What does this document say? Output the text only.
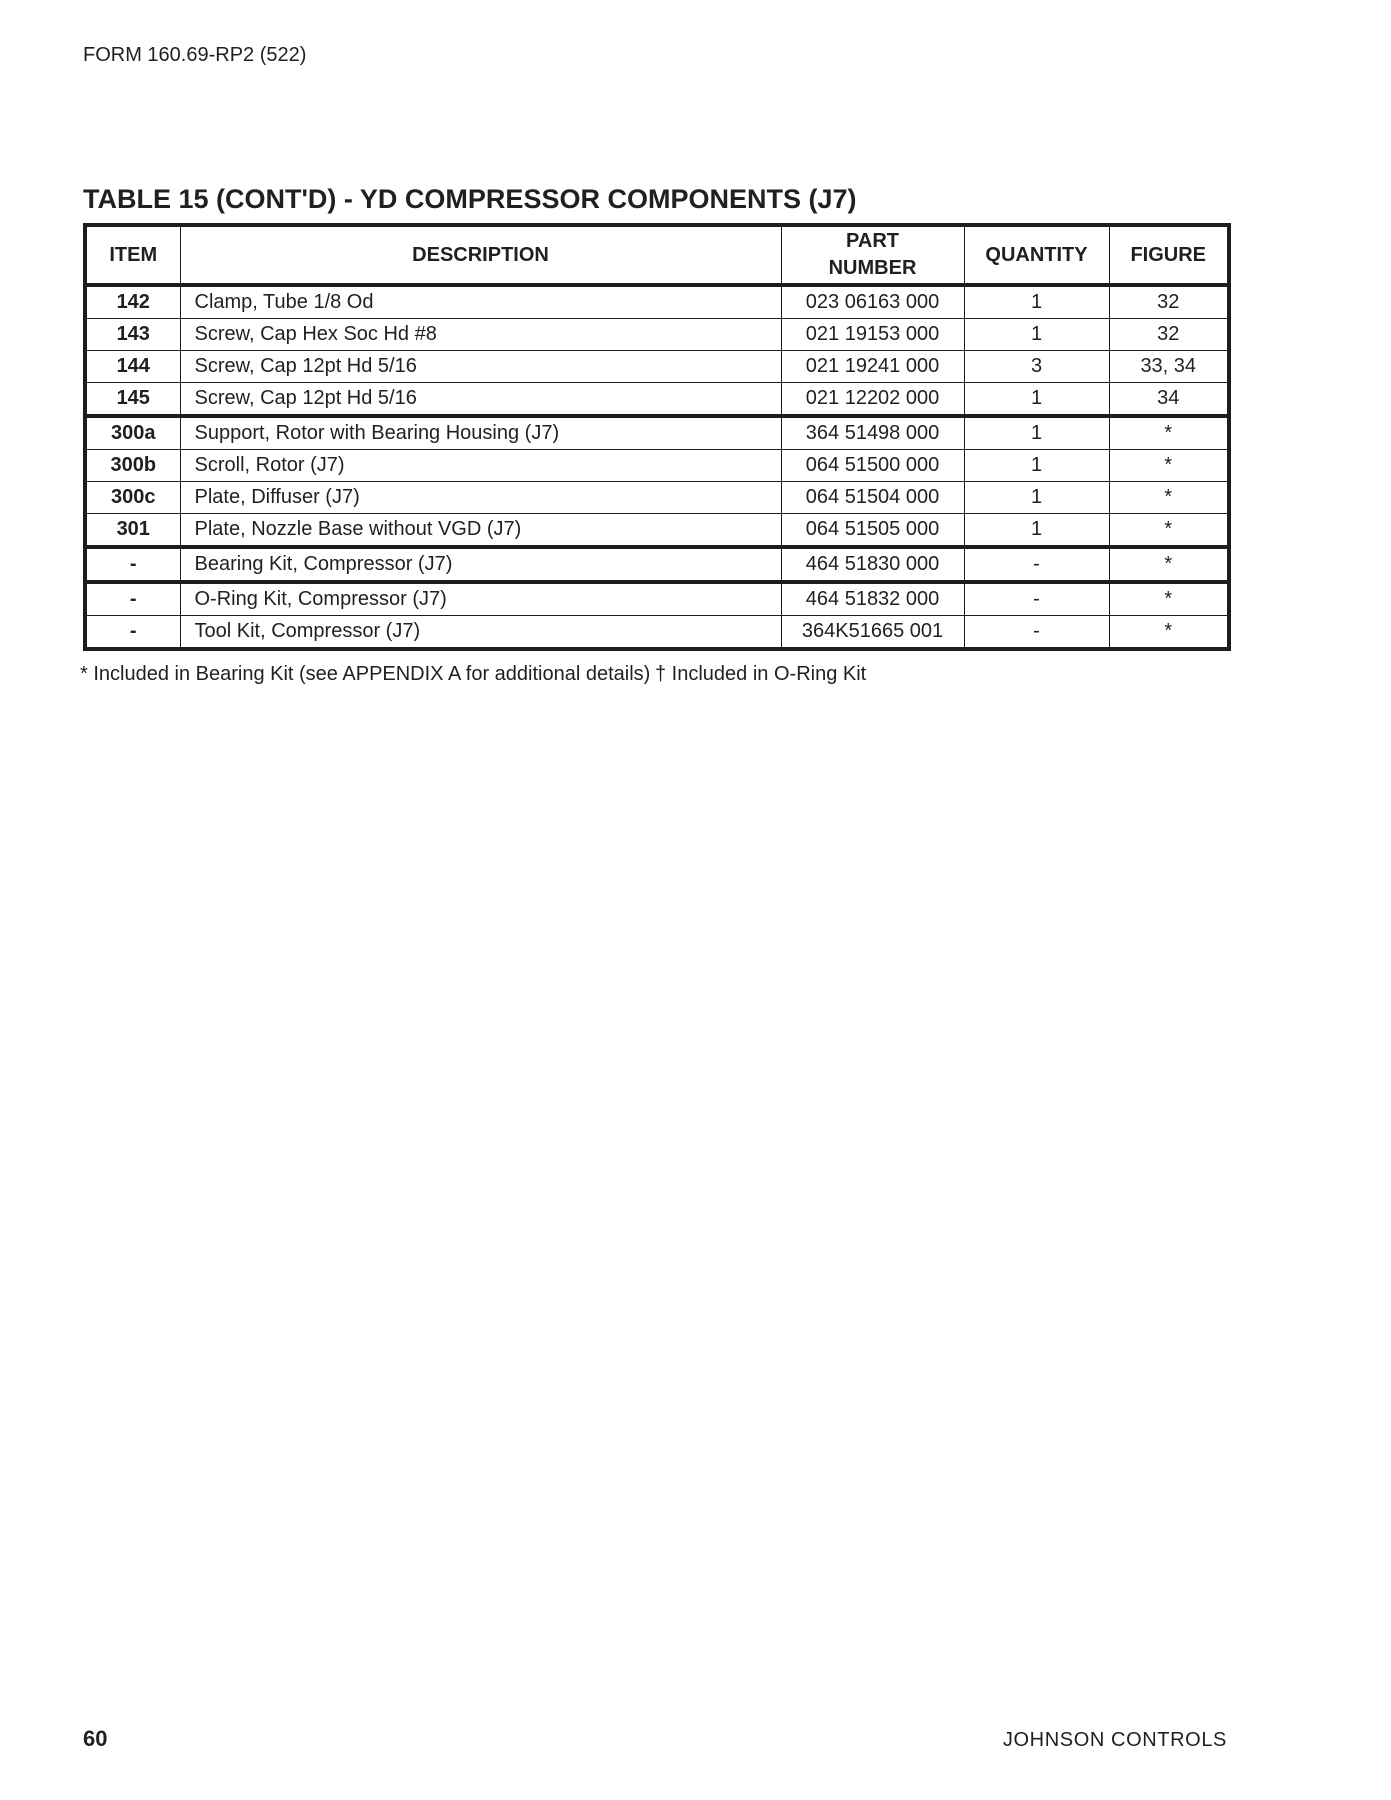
FORM 160.69-RP2 (522)
TABLE 15 (CONT'D) - YD COMPRESSOR COMPONENTS (J7)
ITEM	DESCRIPTION	PART NUMBER	QUANTITY	FIGURE
142	Clamp, Tube 1/8 Od	023 06163 000	1	32
143	Screw, Cap Hex Soc Hd #8	021 19153 000	1	32
144	Screw, Cap 12pt Hd 5/16	021 19241 000	3	33, 34
145	Screw, Cap 12pt Hd 5/16	021 12202 000	1	34
300a	Support, Rotor with Bearing Housing (J7)	364 51498 000	1	*
300b	Scroll, Rotor (J7)	064 51500 000	1	*
300c	Plate, Diffuser (J7)	064 51504 000	1	*
301	Plate, Nozzle Base without VGD (J7)	064 51505 000	1	*
-	Bearing Kit, Compressor (J7)	464 51830 000	-	*
-	O-Ring Kit, Compressor (J7)	464 51832 000	-	*
-	Tool Kit, Compressor (J7)	364K51665 001	-	*
* Included in Bearing Kit (see APPENDIX A for additional details) † Included in O-Ring Kit
60	JOHNSON CONTROLS
